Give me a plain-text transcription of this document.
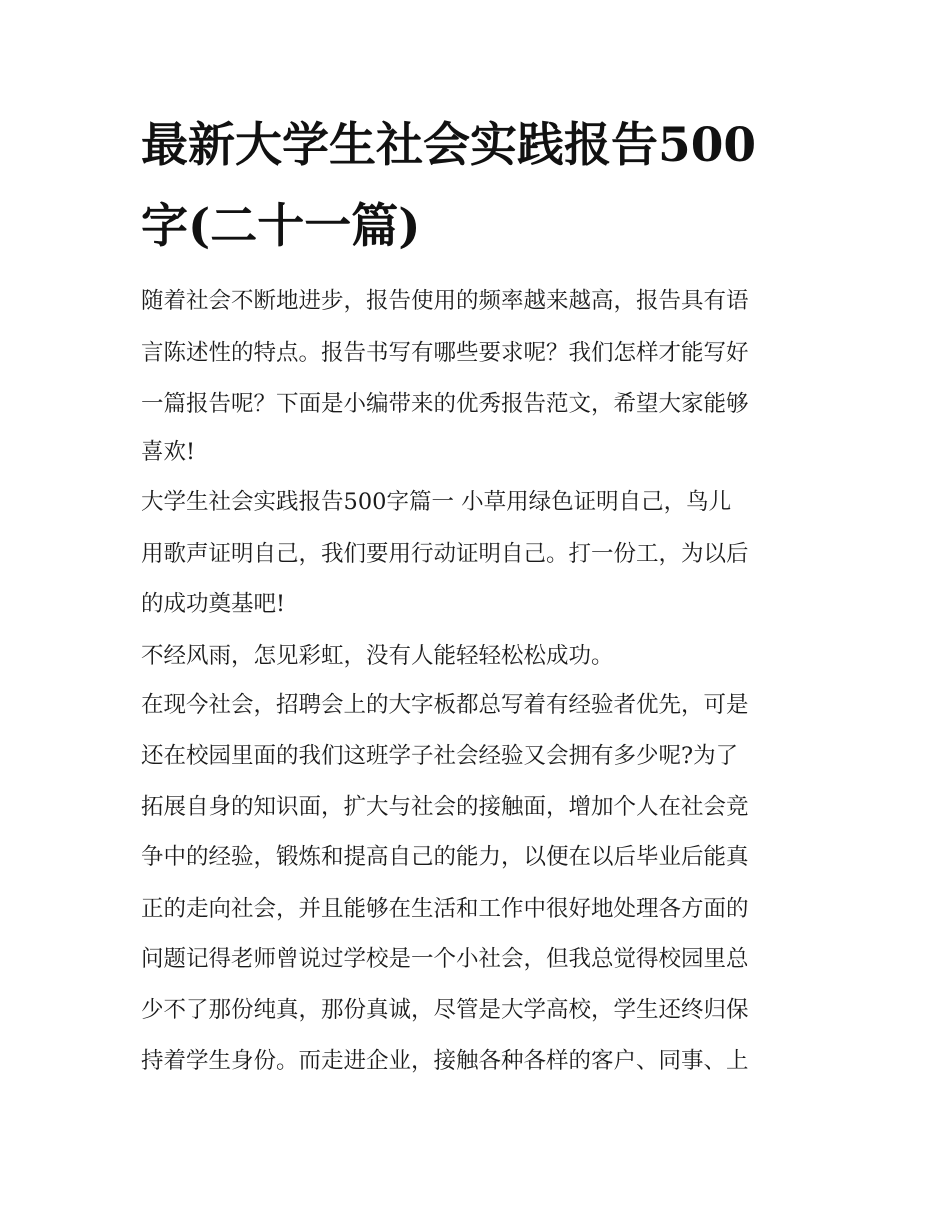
最新大学生社会实践报告500
字(二十一篇)

随着社会不断地进步，报告使用的频率越来越高，报告具有语

言陈述性的特点。报告书写有哪些要求呢？我们怎样才能写好

一篇报告呢？下面是小编带来的优秀报告范文，希望大家能够

喜欢!

大学生社会实践报告500字篇一 小草用绿色证明自己，鸟儿

用歌声证明自己，我们要用行动证明自己。打一份工，为以后

的成功奠基吧!

不经风雨，怎见彩虹，没有人能轻轻松松成功。

在现今社会，招聘会上的大字板都总写着有经验者优先，可是

还在校园里面的我们这班学子社会经验又会拥有多少呢?为了

拓展自身的知识面，扩大与社会的接触面，增加个人在社会竞

争中的经验，锻炼和提高自己的能力，以便在以后毕业后能真

正的走向社会，并且能够在生活和工作中很好地处理各方面的

问题记得老师曾说过学校是一个小社会，但我总觉得校园里总

少不了那份纯真，那份真诚，尽管是大学高校，学生还终归保

持着学生身份。而走进企业，接触各种各样的客户、同事、上
